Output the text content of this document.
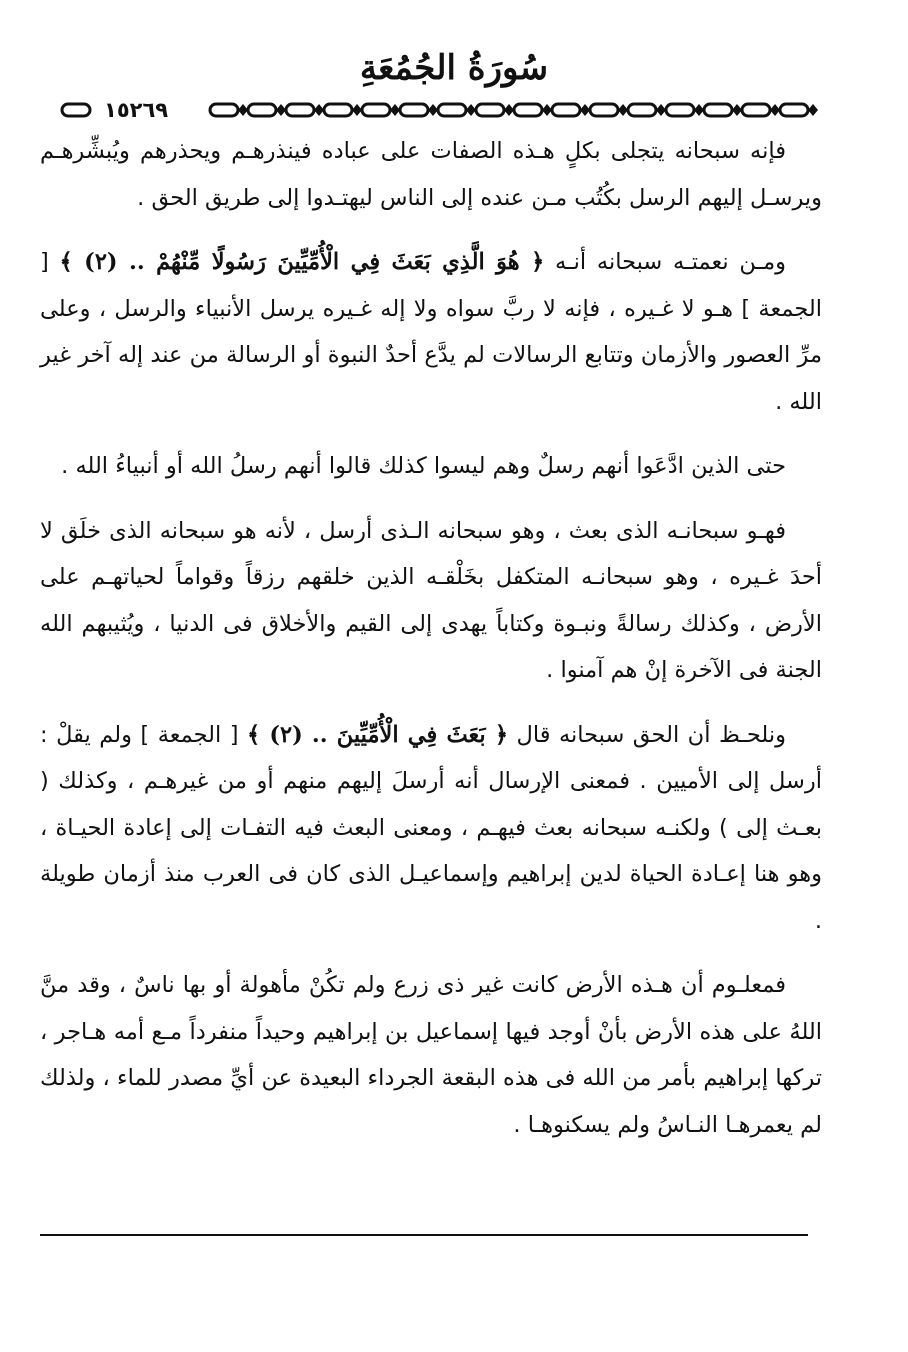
سُورَةُ الجُمُعَةِ
١٥٢٦٩

فإنه سبحانه يتجلى بكلٍ هـذه الصفات على عباده فينذرهـم ويحذرهم ويُبشِّرهـم ويرسـل إليهم الرسل بكُتُب مـن عنده إلى الناس ليهتـدوا إلى طريق الحق .

ومـن نعمتـه سبحانه أنـه ﴿ هُوَ الَّذِي بَعَثَ فِي الْأُمِّيِّينَ رَسُولًا مِّنْهُمْ .. (٢) ﴾ [ الجمعة ] هـو لا غـيره ، فإنه لا ربَّ سواه ولا إله غـيره يرسل الأنبياء والرسل ، وعلى مرِّ العصور والأزمان وتتابع الرسالات لم يدَّع أحدٌ النبوة أو الرسالة من عند إله آخر غير الله .

حتى الذين ادَّعَوا أنهم رسلٌ وهم ليسوا كذلك قالوا أنهم رسلُ الله أو أنبياءُ الله .

فهـو سبحانـه الذى بعث ، وهو سبحانه الـذى أرسل ، لأنه هو سبحانه الذى خلَق لا أحدَ غـيره ، وهو سبحانـه المتكفل بخَلْقـه الذين خلقهم رزقاً وقواماً لحياتهـم على الأرض ، وكذلك رسالةً ونبـوة وكتاباً يهدى إلى القيم والأخلاق فى الدنيا ، ويُثيبهم الله الجنة فى الآخرة إنْ هم آمنوا .

ونلحـظ أن الحق سبحانه قال ﴿ بَعَثَ فِي الْأُمِّيِّينَ .. (٢) ﴾ [ الجمعة ] ولم يقلْ : أرسل إلى الأميين . فمعنى الإرسال أنه أرسلَ إليهم منهم أو من غيرهـم ، وكذلك ( بعـث إلى ) ولكنـه سبحانه بعث فيهـم ، ومعنى البعث فيه التفـات إلى إعادة الحيـاة ، وهو هنا إعـادة الحياة لدين إبراهيم وإسماعيـل الذى كان فى العرب منذ أزمان طويلة .

فمعلـوم أن هـذه الأرض كانت غير ذى زرع ولم تكُنْ مأهولة أو بها ناسٌ ، وقد منَّ اللهُ على هذه الأرض بأنْ أوجد فيها إسماعيل بن إبراهيم وحيداً منفرداً مـع أمه هـاجر ، تركها إبراهيم بأمر من الله فى هذه البقعة الجرداء البعيدة عن أيِّ مصدر للماء ، ولذلك لم يعمرهـا النـاسُ ولم يسكنوهـا .
